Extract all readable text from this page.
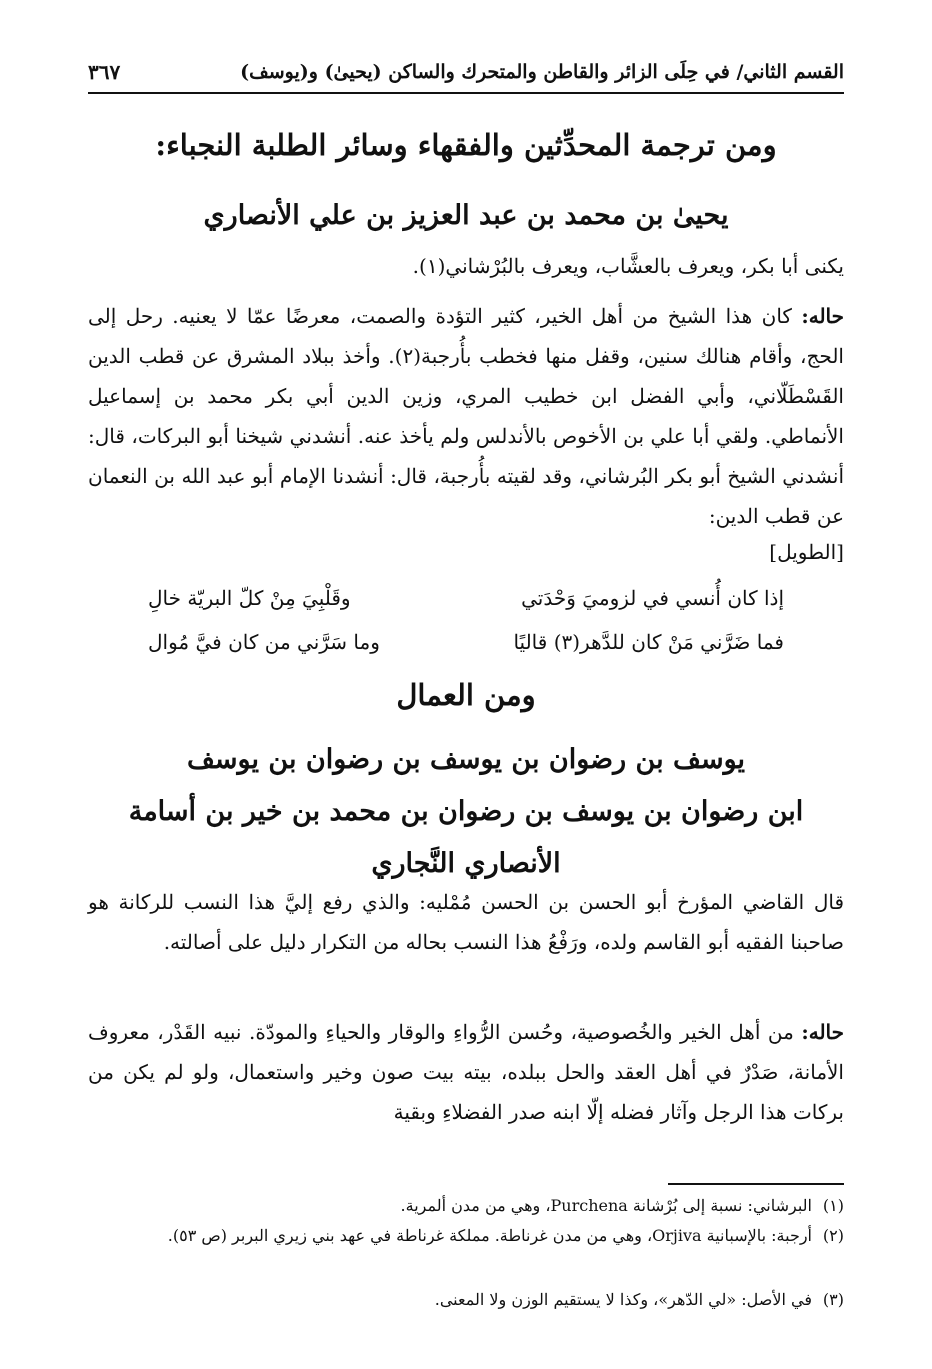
القسم الثاني/ في حِلَى الزائر والقاطن والمتحرك والساكن (يحيىٰ) و(يوسف)
٣٦٧
ومن ترجمة المحدِّثين والفقهاء وسائر الطلبة النجباء:
يحيىٰ بن محمد بن عبد العزيز بن علي الأنصاري
يكنى أبا بكر، ويعرف بالعشَّاب، ويعرف بالبُرْشاني(١).
حاله: كان هذا الشيخ من أهل الخير، كثير التؤدة والصمت، معرضًا عمّا لا يعنيه. رحل إلى الحج، وأقام هنالك سنين، وقفل منها فخطب بأُرجبة(٢). وأخذ ببلاد المشرق عن قطب الدين القَسْطَلّاني، وأبي الفضل ابن خطيب المري، وزين الدين أبي بكر محمد بن إسماعيل الأنماطي. ولقي أبا علي بن الأخوص بالأندلس ولم يأخذ عنه. أنشدني شيخنا أبو البركات، قال: أنشدني الشيخ أبو بكر البُرشاني، وقد لقيته بأُرجبة، قال: أنشدنا الإمام أبو عبد الله بن النعمان عن قطب الدين:
[الطويل]
إذا كان أُنسي في لزوميَ وَحْدَتي
وقَلْبِيَ مِنْ كلّ البريّة خالِ
فما ضَرَّني مَنْ كان للدَّهر(٣) قاليًا
وما سَرَّني من كان فيَّ مُوال
ومن العمال
يوسف بن رضوان بن يوسف بن رضوان بن يوسف
ابن رضوان بن يوسف بن رضوان بن محمد بن خير بن أسامة
الأنصاري النَّجاري
قال القاضي المؤرخ أبو الحسن بن الحسن مُمْليه: والذي رفع إليَّ هذا النسب للركانة هو صاحبنا الفقيه أبو القاسم ولده، ورَفْعُ هذا النسب بحاله من التكرار دليل على أصالته.
حاله: من أهل الخير والخُصوصية، وحُسن الرُّواءِ والوقار والحياءِ والمودّة. نبيه القَدْر، معروف الأمانة، صَدْرٌ في أهل العقد والحل ببلده، بيته بيت صون وخير واستعمال، ولو لم يكن من بركات هذا الرجل وآثار فضله إلّا ابنه صدر الفضلاءِ وبقية
(١)البرشاني: نسبة إلى بُرْشانة Purchena، وهي من مدن ألمرية.
(٢)أرجبة: بالإسبانية Orjiva، وهي من مدن غرناطة. مملكة غرناطة في عهد بني زيري البربر (ص ٥٣).
(٣)في الأصل: «لي الدّهر»، وكذا لا يستقيم الوزن ولا المعنى.
